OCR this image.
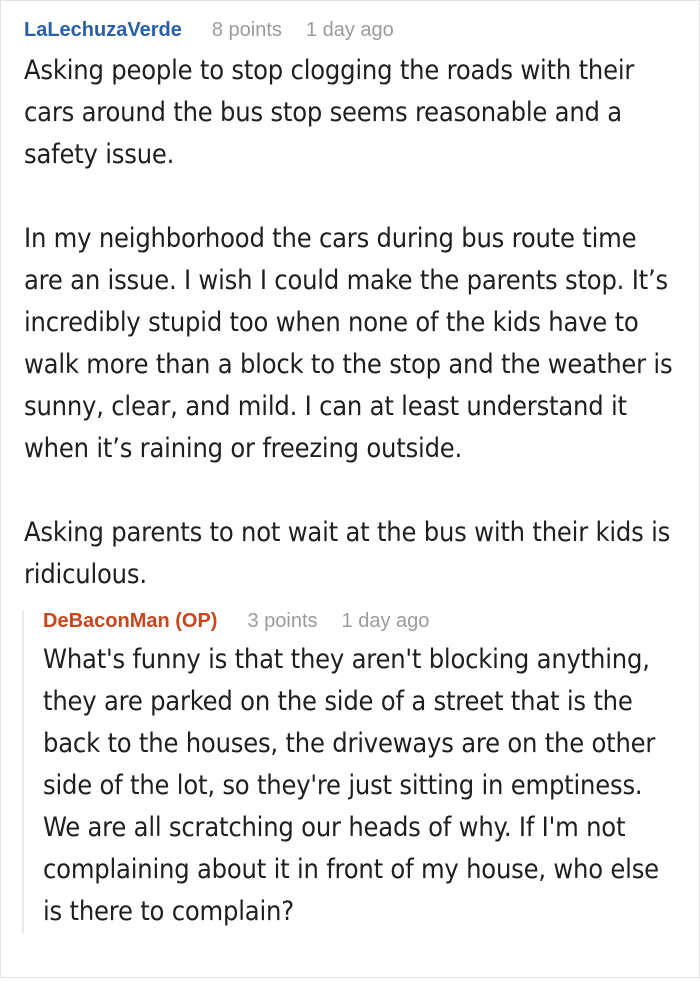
LaLechuzaVerde 8 points 1 day ago

Asking people to stop clogging the roads with their cars around the bus stop seems reasonable and a safety issue.

In my neighborhood the cars during bus route time are an issue. I wish I could make the parents stop. It’s incredibly stupid too when none of the kids have to walk more than a block to the stop and the weather is sunny, clear, and mild. I can at least understand it when it’s raining or freezing outside.

Asking parents to not wait at the bus with their kids is ridiculous.

DeBaconMan (OP) 3 points 1 day ago

What's funny is that they aren't blocking anything, they are parked on the side of a street that is the back to the houses, the driveways are on the other side of the lot, so they're just sitting in emptiness. We are all scratching our heads of why. If I'm not complaining about it in front of my house, who else is there to complain?
